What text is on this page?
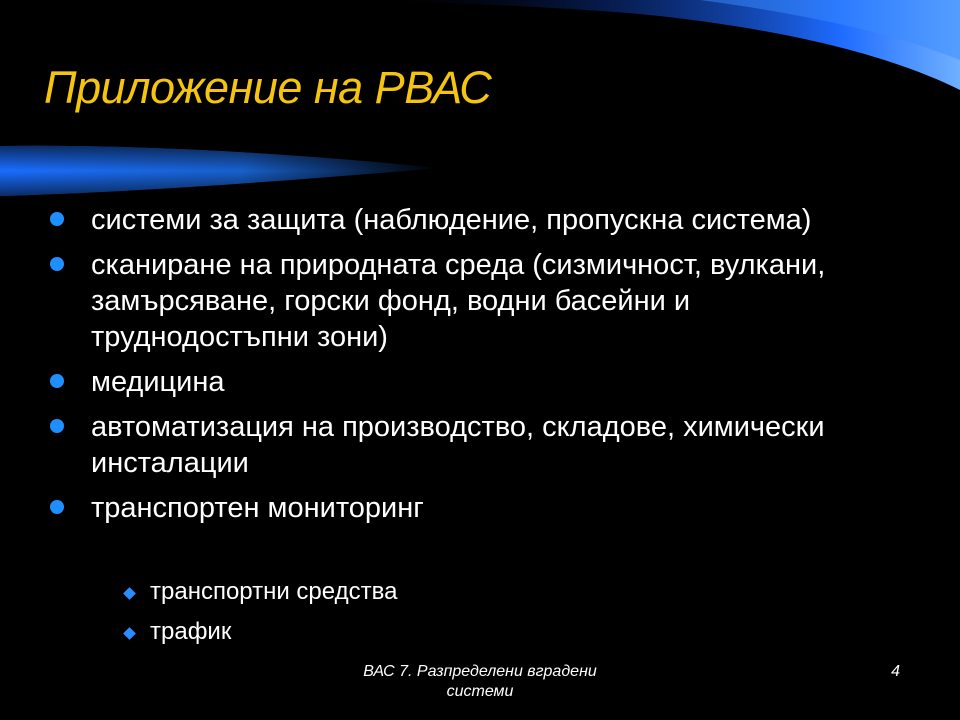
Приложение на РВАС
системи за защита (наблюдение, пропускна система)
сканиране на природната среда (сизмичност, вулкани, замърсяване, горски фонд, водни басейни и труднодостъпни зони)
медицина
автоматизация на производство, складове, химически инсталации
транспортен мониторинг
транспортни средства
трафик

ВАС 7. Разпределени вградени
системи

4
